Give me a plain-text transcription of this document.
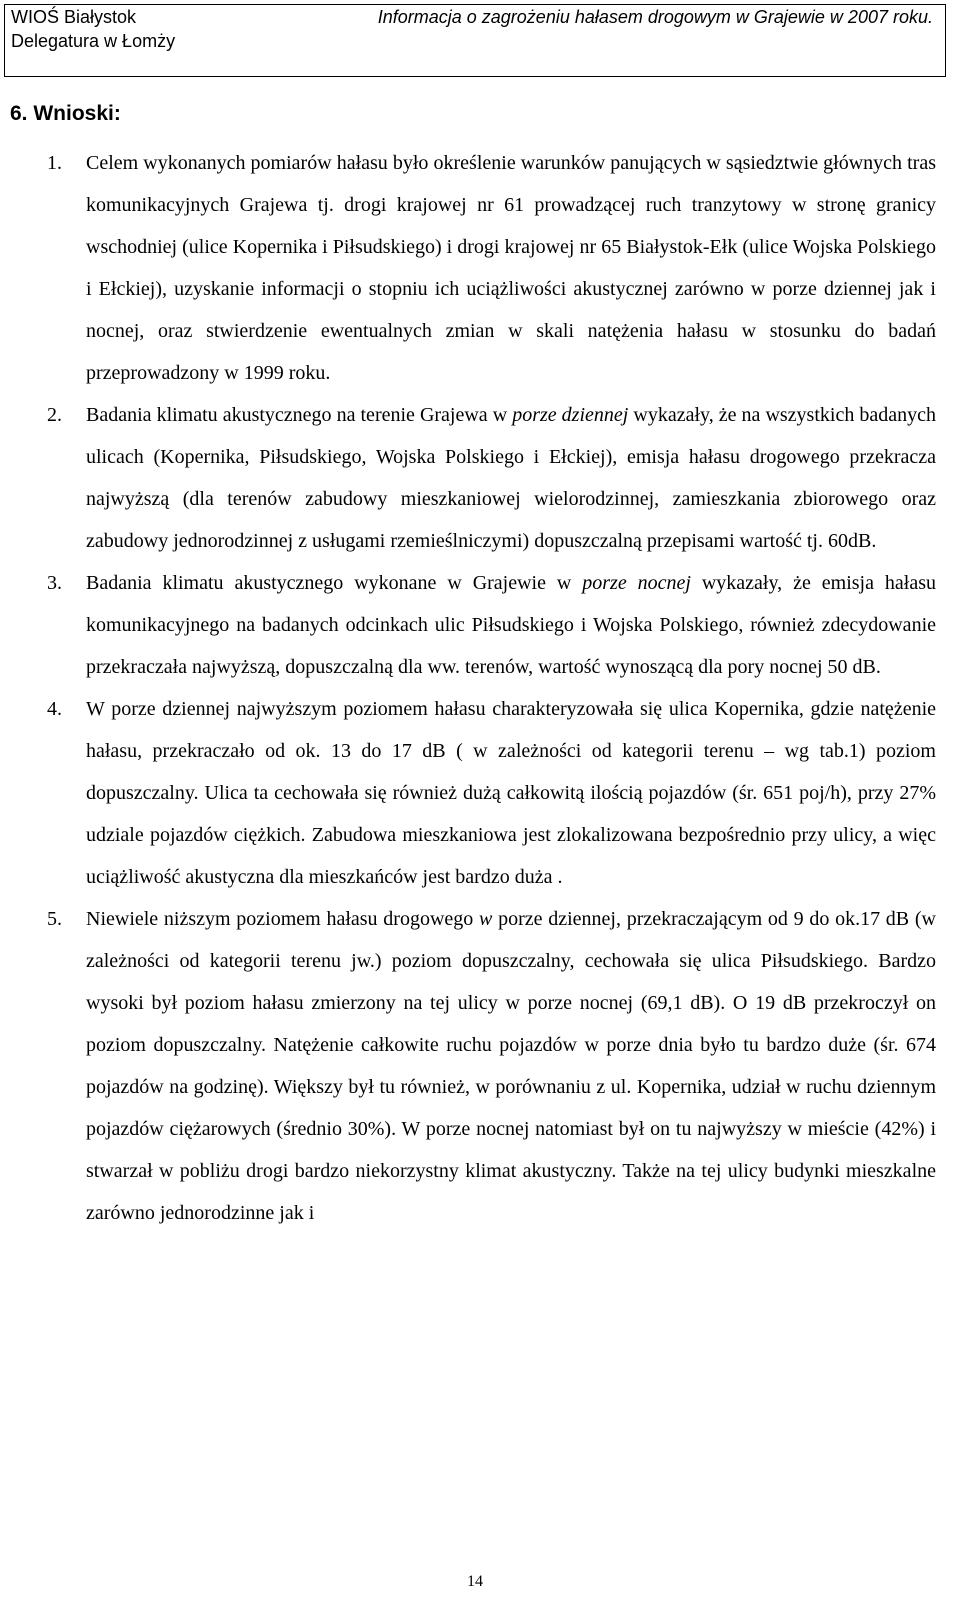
WIOŚ Białystok
Delegatura w Łomży
Informacja o zagrożeniu hałasem drogowym w Grajewie w 2007 roku.
6. Wnioski:
1. Celem wykonanych pomiarów hałasu było określenie warunków panujących w sąsiedztwie głównych tras komunikacyjnych Grajewa tj. drogi krajowej nr 61 prowadzącej ruch tranzytowy w stronę granicy wschodniej (ulice Kopernika i Piłsudskiego) i drogi krajowej nr 65 Białystok-Ełk (ulice Wojska Polskiego i Ełckiej), uzyskanie informacji o stopniu ich uciążliwości akustycznej zarówno w porze dziennej jak i nocnej, oraz stwierdzenie ewentualnych zmian w skali natężenia hałasu w stosunku do badań przeprowadzony w 1999 roku.
2. Badania klimatu akustycznego na terenie Grajewa w porze dziennej wykazały, że na wszystkich badanych ulicach (Kopernika, Piłsudskiego, Wojska Polskiego i Ełckiej), emisja hałasu drogowego przekracza najwyższą (dla terenów zabudowy mieszkaniowej wielorodzinnej, zamieszkania zbiorowego oraz zabudowy jednorodzinnej z usługami rzemieślniczymi) dopuszczalną przepisami wartość tj. 60dB.
3. Badania klimatu akustycznego wykonane w Grajewie w porze nocnej wykazały, że emisja hałasu komunikacyjnego na badanych odcinkach ulic Piłsudskiego i Wojska Polskiego, również zdecydowanie przekraczała najwyższą, dopuszczalną dla ww. terenów, wartość wynoszącą dla pory nocnej 50 dB.
4. W porze dziennej najwyższym poziomem hałasu charakteryzowała się ulica Kopernika, gdzie natężenie hałasu, przekraczało od ok. 13 do 17 dB ( w zależności od kategorii terenu – wg tab.1) poziom dopuszczalny. Ulica ta cechowała się również dużą całkowitą ilością pojazdów (śr. 651 poj/h), przy 27% udziale pojazdów ciężkich. Zabudowa mieszkaniowa jest zlokalizowana bezpośrednio przy ulicy, a więc uciążliwość akustyczna dla mieszkańców jest bardzo duża .
5. Niewiele niższym poziomem hałasu drogowego w porze dziennej, przekraczającym od 9 do ok.17 dB (w zależności od kategorii terenu jw.) poziom dopuszczalny, cechowała się ulica Piłsudskiego. Bardzo wysoki był poziom hałasu zmierzony na tej ulicy w porze nocnej (69,1 dB). O 19 dB przekroczył on poziom dopuszczalny. Natężenie całkowite ruchu pojazdów w porze dnia było tu bardzo duże (śr. 674 pojazdów na godzinę). Większy był tu również, w porównaniu z ul. Kopernika, udział w ruchu dziennym pojazdów ciężarowych (średnio 30%). W porze nocnej natomiast był on tu najwyższy w mieście (42%) i stwarzał w pobliżu drogi bardzo niekorzystny klimat akustyczny. Także na tej ulicy budynki mieszkalne zarówno jednorodzinne jak i
14
